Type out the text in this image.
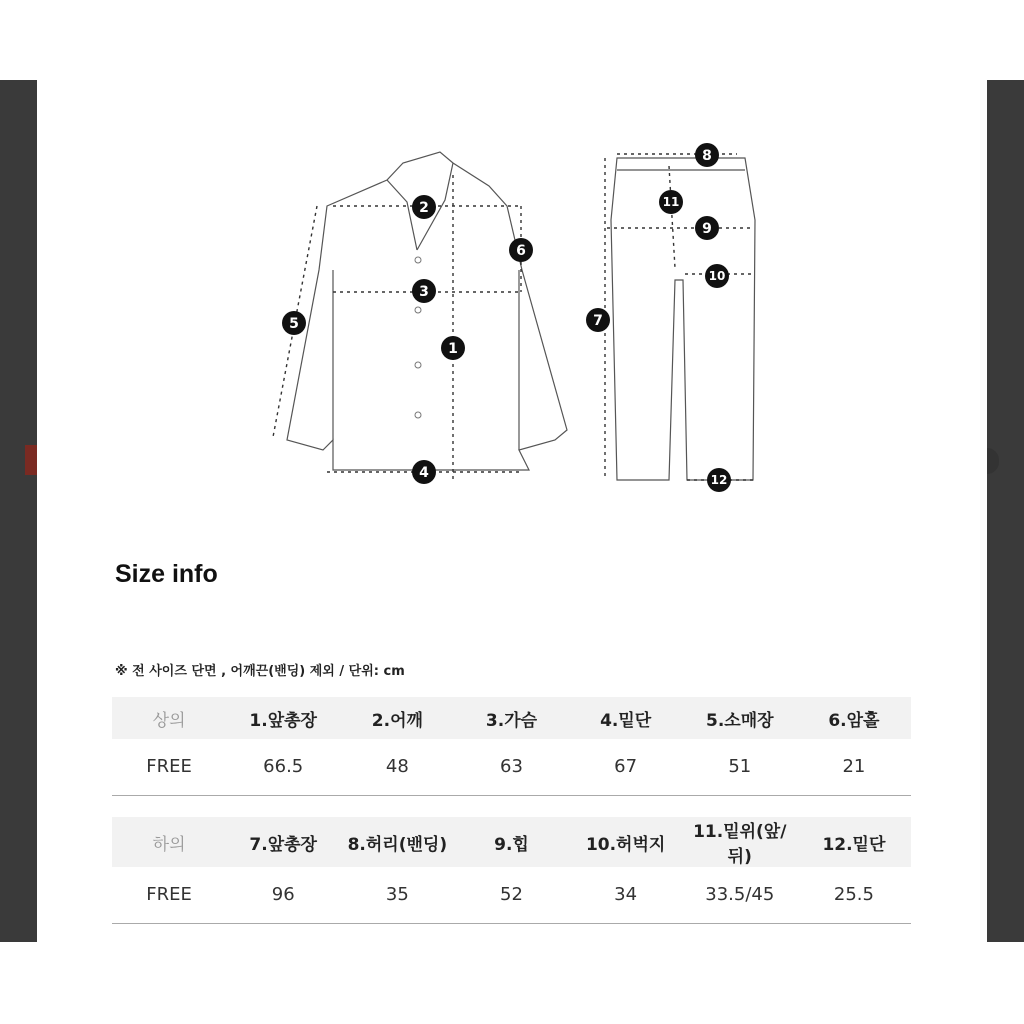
1
2
3
4
5
6
7
8
9
10
11
12
Size info
※ 전 사이즈 단면 , 어깨끈(밴딩) 제외 / 단위: cm
상의	1.앞총장	2.어깨	3.가슴	4.밑단	5.소매장	6.암홀
FREE	66.5	48	63	67	51	21
하의	7.앞총장	8.허리(밴딩)	9.힙	10.허벅지	11.밑위(앞/뒤)	12.밑단
FREE	96	35	52	34	33.5/45	25.5
